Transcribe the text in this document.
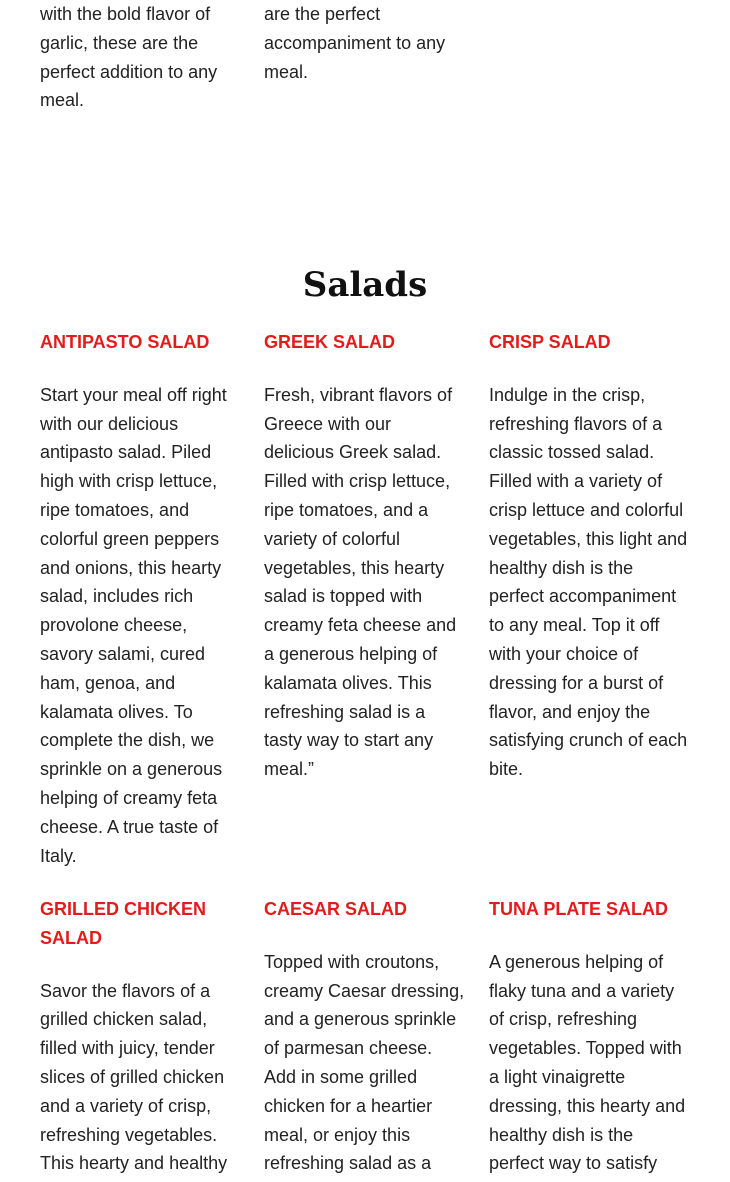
with the bold flavor of garlic, these are the perfect addition to any meal.

are the perfect accompaniment to any meal.

Salads
ANTIPASTO SALAD

Start your meal off right with our delicious antipasto salad. Piled high with crisp lettuce, ripe tomatoes, and colorful green peppers and onions, this hearty salad, includes rich provolone cheese, savory salami, cured ham, genoa, and kalamata olives. To complete the dish, we sprinkle on a generous helping of creamy feta cheese. A true taste of Italy.

GREEK SALAD

Fresh, vibrant flavors of Greece with our delicious Greek salad. Filled with crisp lettuce, ripe tomatoes, and a variety of colorful vegetables, this hearty salad is topped with creamy feta cheese and a generous helping of kalamata olives. This refreshing salad is a tasty way to start any meal.”

CRISP SALAD

Indulge in the crisp, refreshing flavors of a classic tossed salad. Filled with a variety of crisp lettuce and colorful vegetables, this light and healthy dish is the perfect accompaniment to any meal. Top it off with your choice of dressing for a burst of flavor, and enjoy the satisfying crunch of each bite.

GRILLED CHICKEN SALAD

Savor the flavors of a grilled chicken salad, filled with juicy, tender slices of grilled chicken and a variety of crisp, refreshing vegetables. This hearty and healthy

CAESAR SALAD

Topped with croutons, creamy Caesar dressing, and a generous sprinkle of parmesan cheese. Add in some grilled chicken for a heartier meal, or enjoy this refreshing salad as a

TUNA PLATE SALAD

A generous helping of flaky tuna and a variety of crisp, refreshing vegetables. Topped with a light vinaigrette dressing, this hearty and healthy dish is the perfect way to satisfy
